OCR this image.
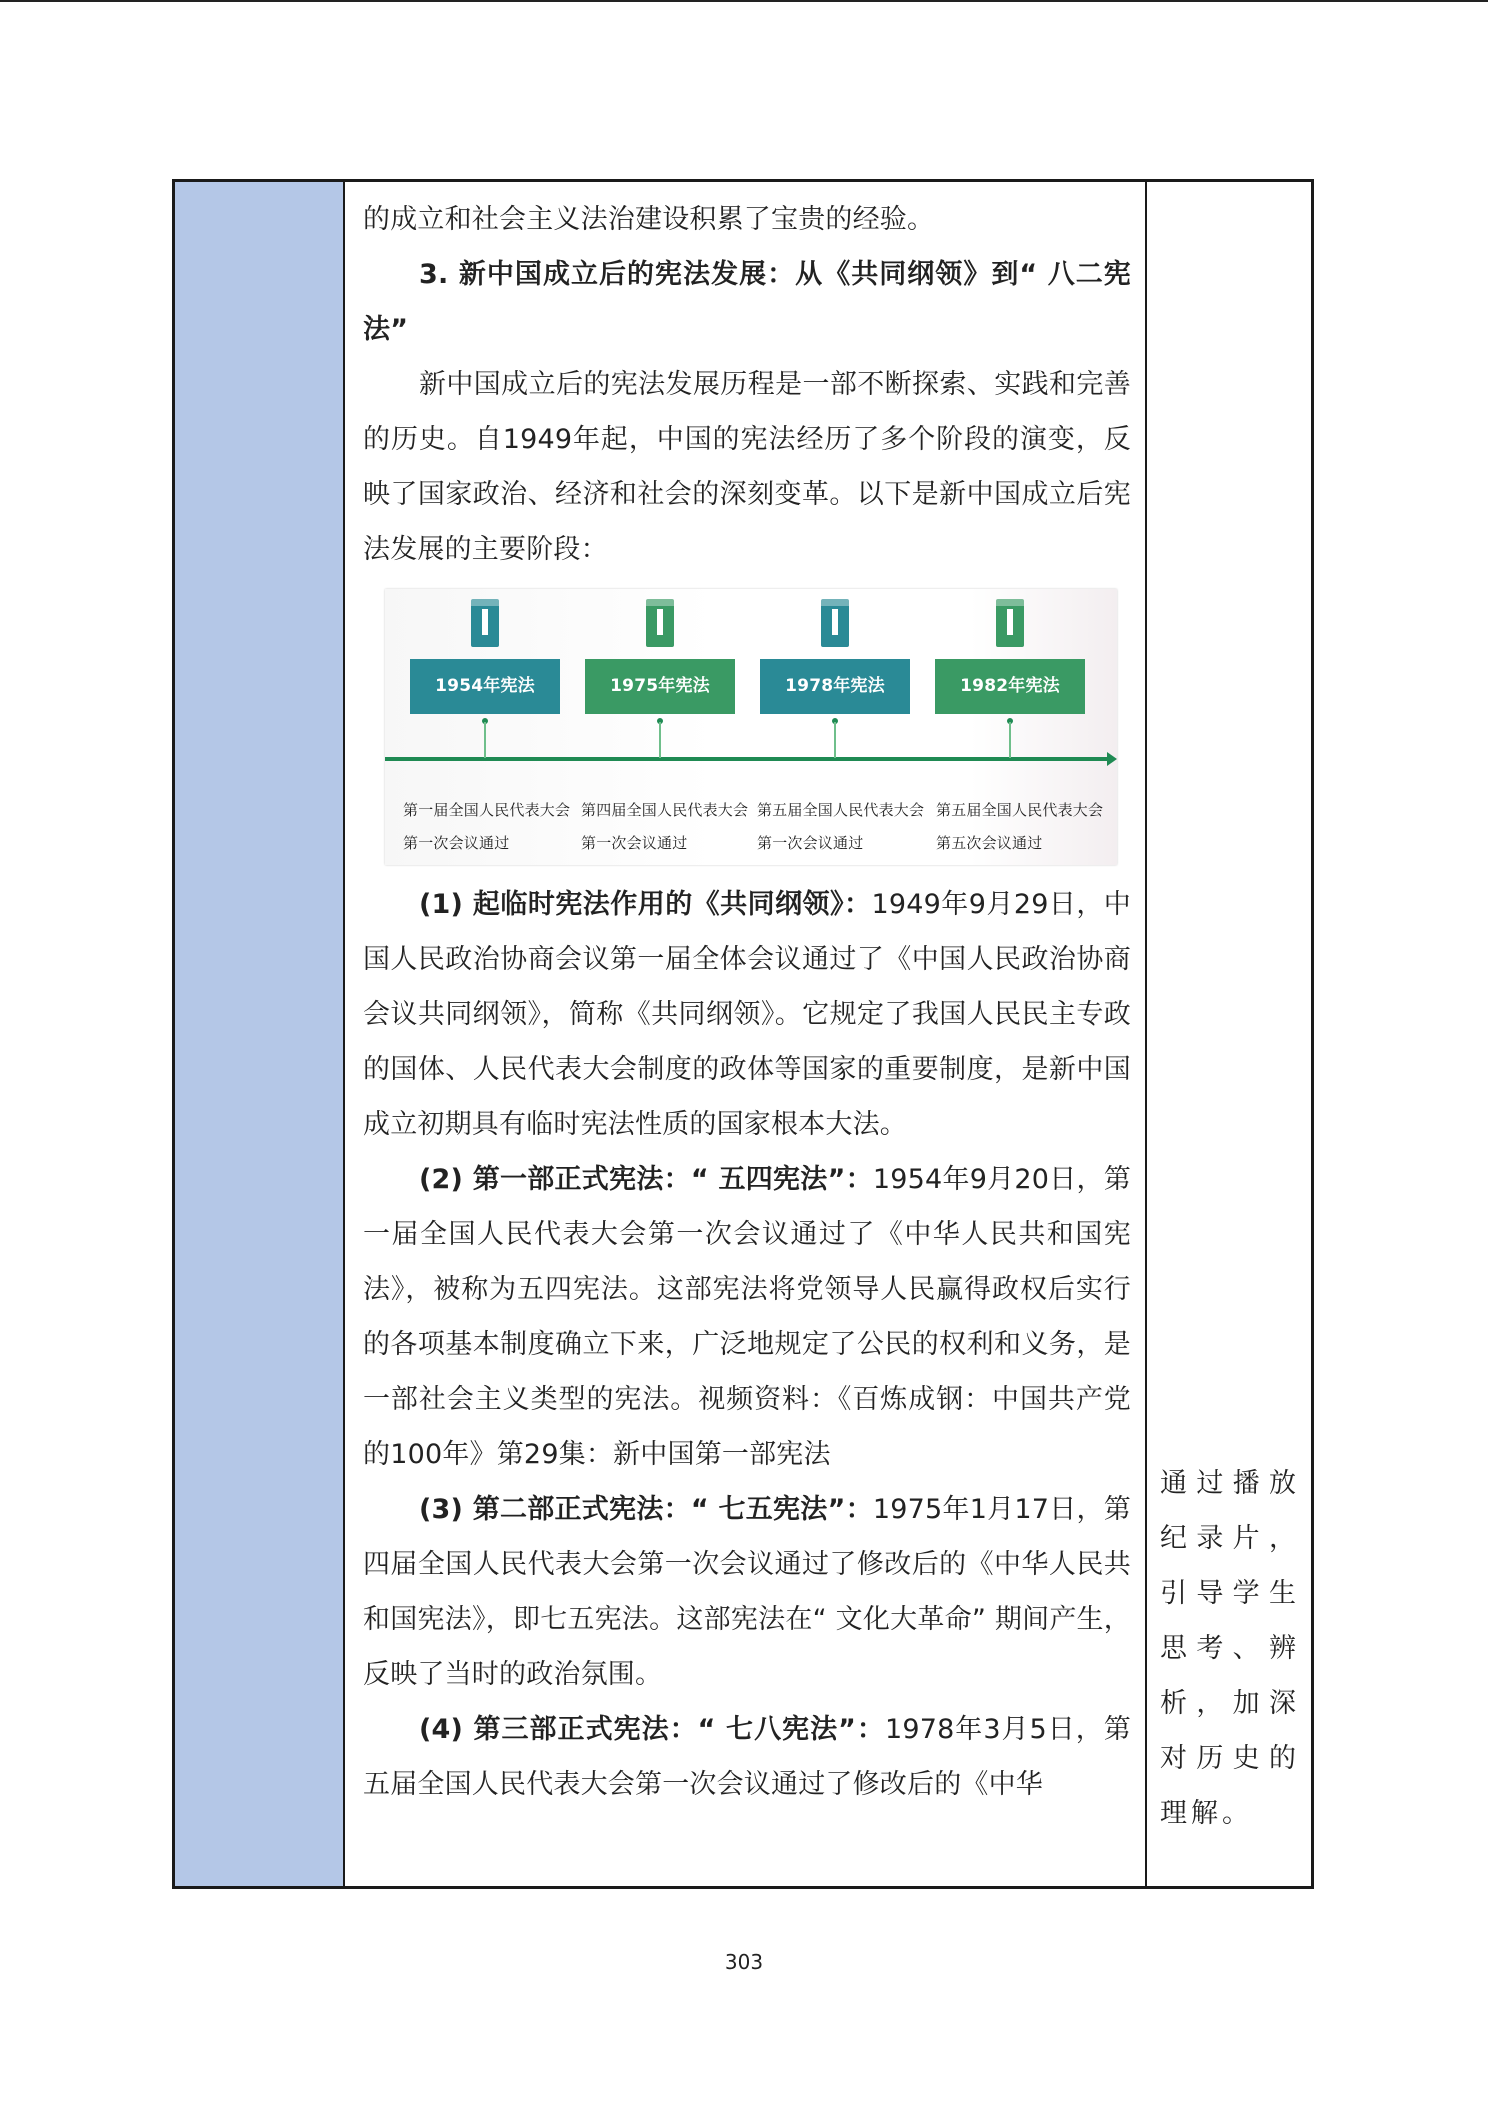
的成立和社会主义法治建设积累了宝贵的经验。

3. 新中国成立后的宪法发展：从《共同纲领》到“ 八二宪法”

新中国成立后的宪法发展历程是一部不断探索、实践和完善的历史。自1949年起，中国的宪法经历了多个阶段的演变，反映了国家政治、经济和社会的深刻变革。以下是新中国成立后宪法发展的主要阶段：

1954年宪法
第一届全国人民代表大会
第一次会议通过
1975年宪法
第四届全国人民代表大会
第一次会议通过
1978年宪法
第五届全国人民代表大会
第一次会议通过
1982年宪法
第五届全国人民代表大会
第五次会议通过

(1) 起临时宪法作用的《共同纲领》：1949年9月29日，中国人民政治协商会议第一届全体会议通过了《中国人民政治协商会议共同纲领》，简称《共同纲领》。它规定了我国人民民主专政的国体、人民代表大会制度的政体等国家的重要制度，是新中国成立初期具有临时宪法性质的国家根本大法。

(2) 第一部正式宪法：“ 五四宪法”：1954年9月20日，第一届全国人民代表大会第一次会议通过了《中华人民共和国宪法》，被称为五四宪法。这部宪法将党领导人民赢得政权后实行的各项基本制度确立下来，广泛地规定了公民的权利和义务，是一部社会主义类型的宪法。视频资料：《百炼成钢：中国共产党的100年》第29集：新中国第一部宪法

(3) 第二部正式宪法：“ 七五宪法”：1975年1月17日，第四届全国人民代表大会第一次会议通过了修改后的《中华人民共和国宪法》，即七五宪法。这部宪法在“ 文化大革命” 期间产生，反映了当时的政治氛围。

(4) 第三部正式宪法：“ 七八宪法”：1978年3月5日，第五届全国人民代表大会第一次会议通过了修改后的《中华

通过播放纪录片，引导学生思考、辨析，加深对历史的理解。
303
